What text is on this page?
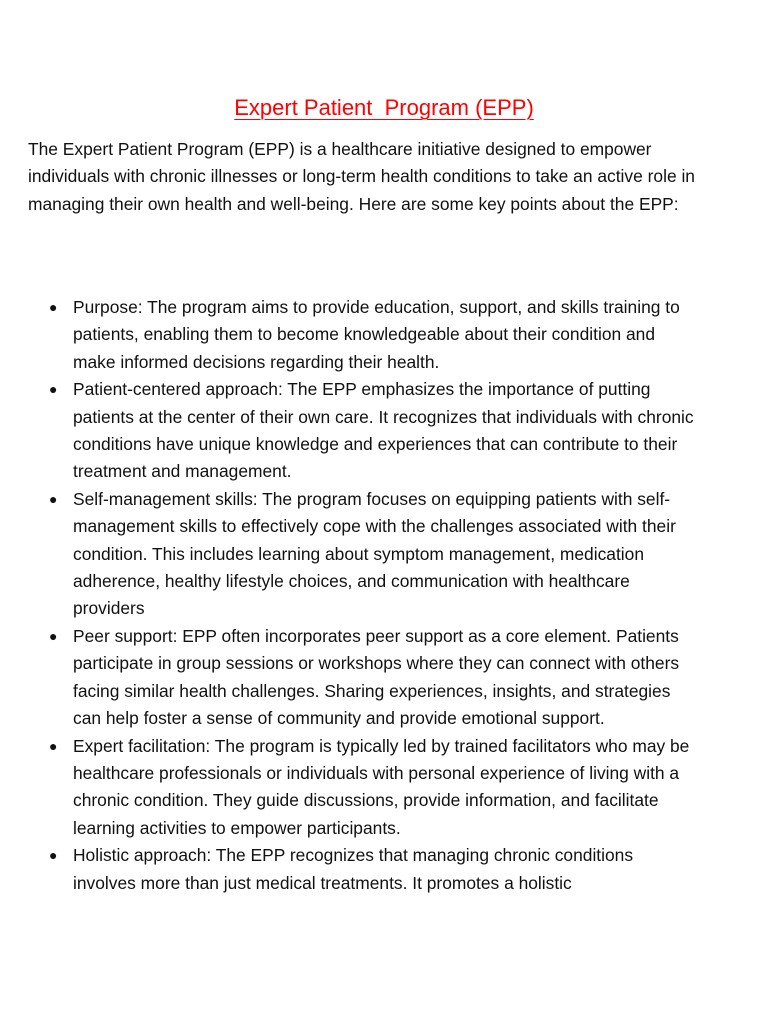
Expert Patient  Program (EPP)

The Expert Patient Program (EPP) is a healthcare initiative designed to empower individuals with chronic illnesses or long-term health conditions to take an active role in managing their own health and well-being. Here are some key points about the EPP:

● Purpose: The program aims to provide education, support, and skills training to patients, enabling them to become knowledgeable about their condition and make informed decisions regarding their health.
● Patient-centered approach: The EPP emphasizes the importance of putting patients at the center of their own care. It recognizes that individuals with chronic conditions have unique knowledge and experiences that can contribute to their treatment and management.
● Self-management skills: The program focuses on equipping patients with self-management skills to effectively cope with the challenges associated with their condition. This includes learning about symptom management, medication adherence, healthy lifestyle choices, and communication with healthcare providers
● Peer support: EPP often incorporates peer support as a core element. Patients participate in group sessions or workshops where they can connect with others facing similar health challenges. Sharing experiences, insights, and strategies can help foster a sense of community and provide emotional support.
● Expert facilitation: The program is typically led by trained facilitators who may be healthcare professionals or individuals with personal experience of living with a chronic condition. They guide discussions, provide information, and facilitate learning activities to empower participants.
● Holistic approach: The EPP recognizes that managing chronic conditions involves more than just medical treatments. It promotes a holistic
